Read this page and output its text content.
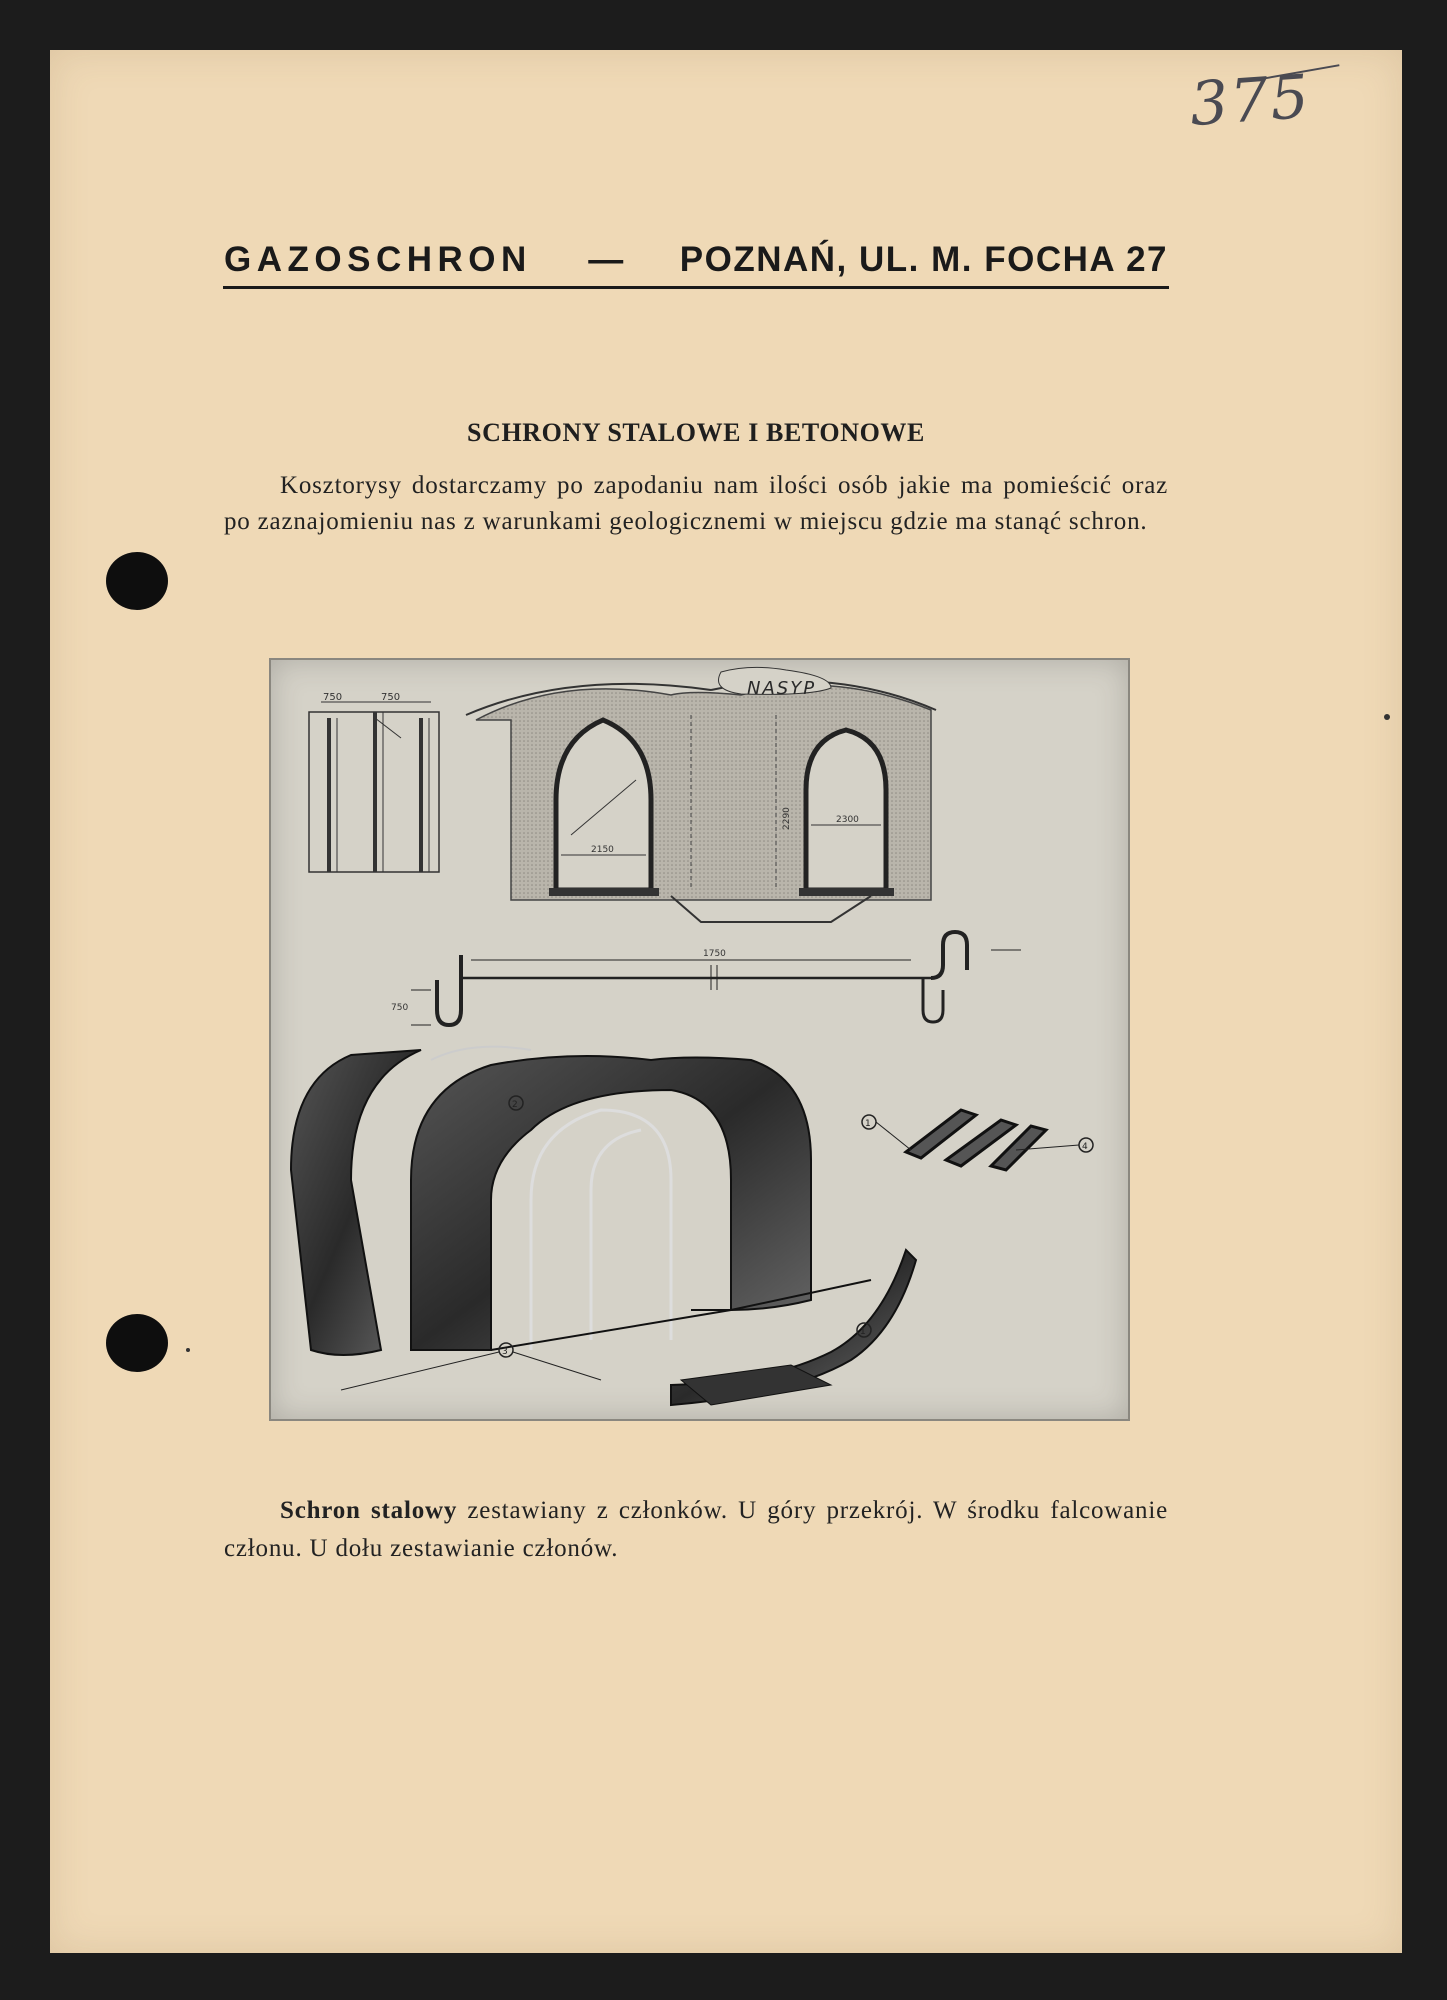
375
GAZOSCHRON — POZNAŃ, UL. M. FOCHA 27
SCHRONY STALOWE I BETONOWE

Kosztorysy dostarczamy po zapodaniu nam ilości osób jakie ma pomieścić oraz po zaznajomieniu nas z warunkami geologicznemi w miejscu gdzie ma stanąć schron.

750	750	NASYP
2290
2150
2300
1750
750
2
1
3
4
1

Schron stalowy zestawiany z członków. U góry przekrój. W środku falcowanie członu. U dołu zestawianie członów.
